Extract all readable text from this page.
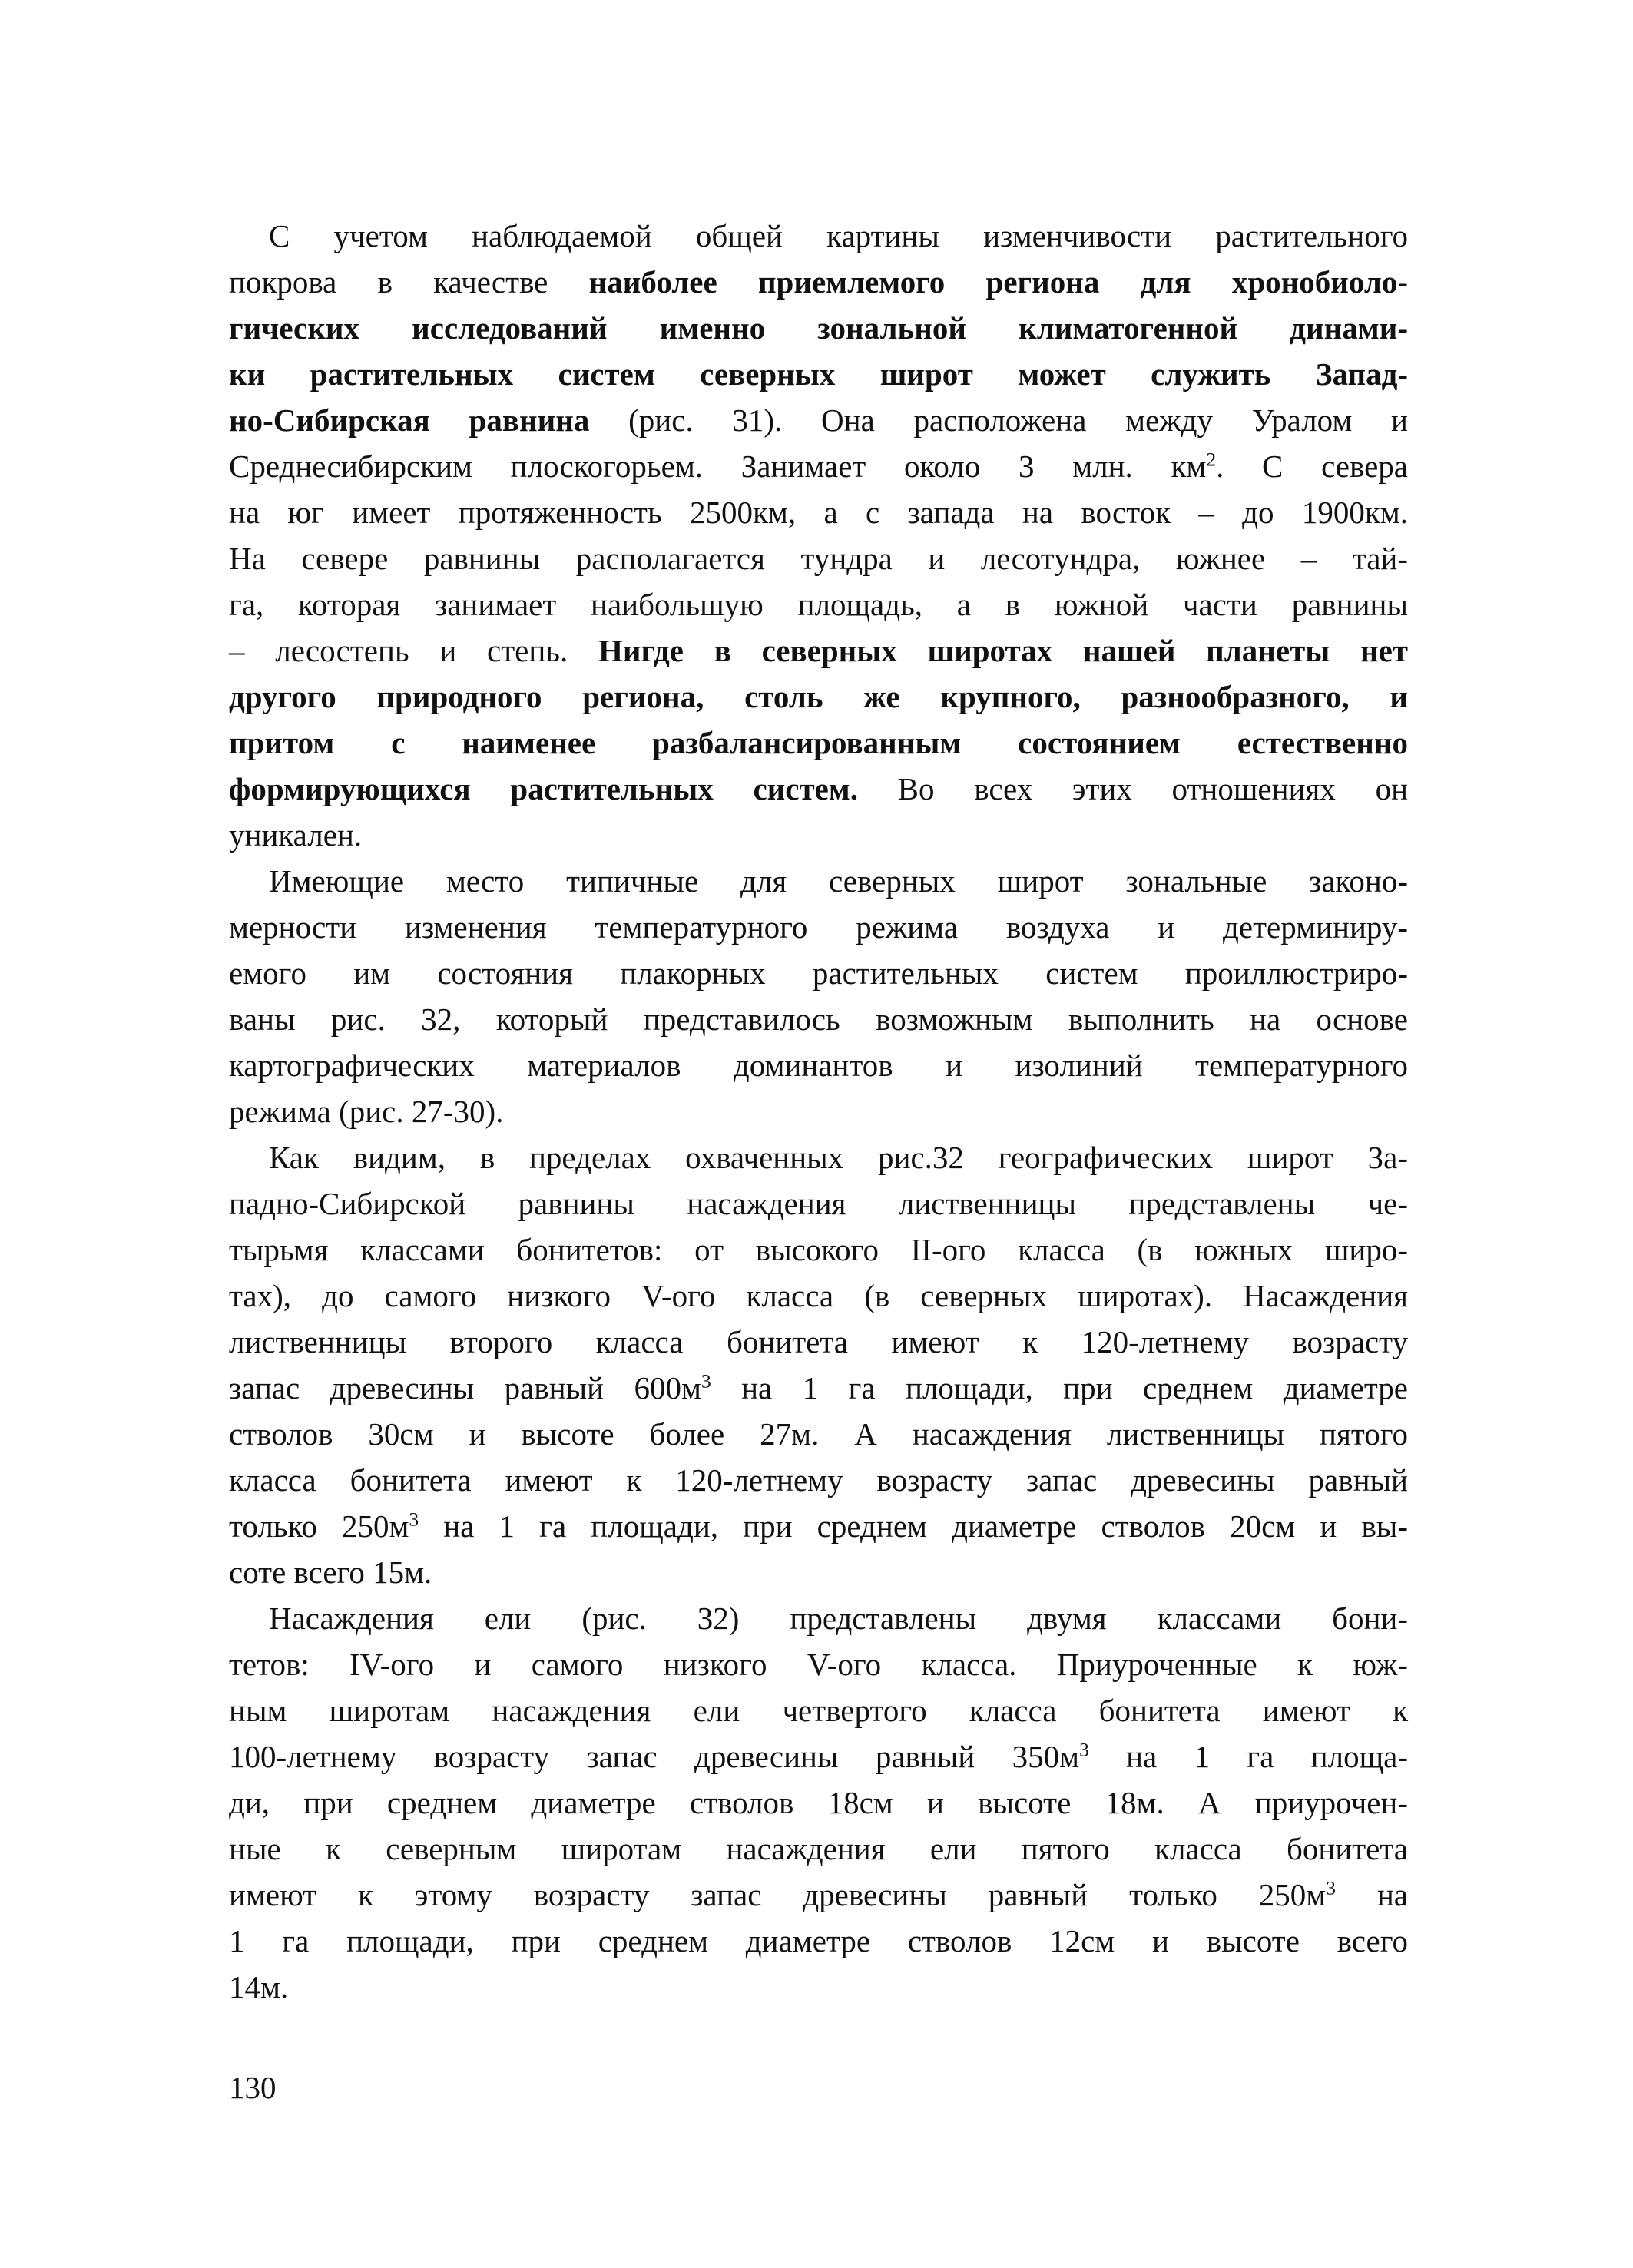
С учетом наблюдаемой общей картины изменчивости растительного
покрова в качестве наиболее приемлемого региона для хронобиоло-
гических исследований именно зональной климатогенной динами-
ки растительных систем северных широт может служить Запад-
но-Сибирская равнина (рис. 31). Она расположена между Уралом и
Среднесибирским плоскогорьем. Занимает около 3 млн. $км^2$. С севера
на юг имеет протяженность 2500км, а с запада на восток – до 1900км.
На севере равнины располагается тундра и лесотундра, южнее – тай-
га, которая занимает наибольшую площадь, а в южной части равнины
– лесостепь и степь. Нигде в северных широтах нашей планеты нет
другого природного региона, столь же крупного, разнообразного, и
притом с наименее разбалансированным состоянием естественно
формирующихся растительных систем. Во всех этих отношениях он
уникален.
Имеющие место типичные для северных широт зональные законо-
мерности изменения температурного режима воздуха и детерминиру-
емого им состояния плакорных растительных систем проиллюстриро-
ваны рис. 32, который представилось возможным выполнить на основе
картографических материалов доминантов и изолиний температурного
режима (рис. 27-30).
Как видим, в пределах охваченных рис.32 географических широт За-
падно-Сибирской равнины насаждения лиственницы представлены че-
тырьмя классами бонитетов: от высокого II-ого класса (в южных широ-
тах), до самого низкого V-ого класса (в северных широтах). Насаждения
лиственницы второго класса бонитета имеют к 120-летнему возрасту
запас древесины равный $600м^3$ на 1 га площади, при среднем диаметре
стволов 30см и высоте более 27м. А насаждения лиственницы пятого
класса бонитета имеют к 120-летнему возрасту запас древесины равный
только $250м^3$ на 1 га площади, при среднем диаметре стволов 20см и вы-
соте всего 15м.
Насаждения ели (рис. 32) представлены двумя классами бони-
тетов: IV-ого и самого низкого V-ого класса. Приуроченные к юж-
ным широтам насаждения ели четвертого класса бонитета имеют к
100-летнему возрасту запас древесины равный $350м^3$ на 1 га площа-
ди, при среднем диаметре стволов 18см и высоте 18м. А приурочен-
ные к северным широтам насаждения ели пятого класса бонитета
имеют к этому возрасту запас древесины равный только $250м^3$ на
1 га площади, при среднем диаметре стволов 12см и высоте всего
14м.
130
